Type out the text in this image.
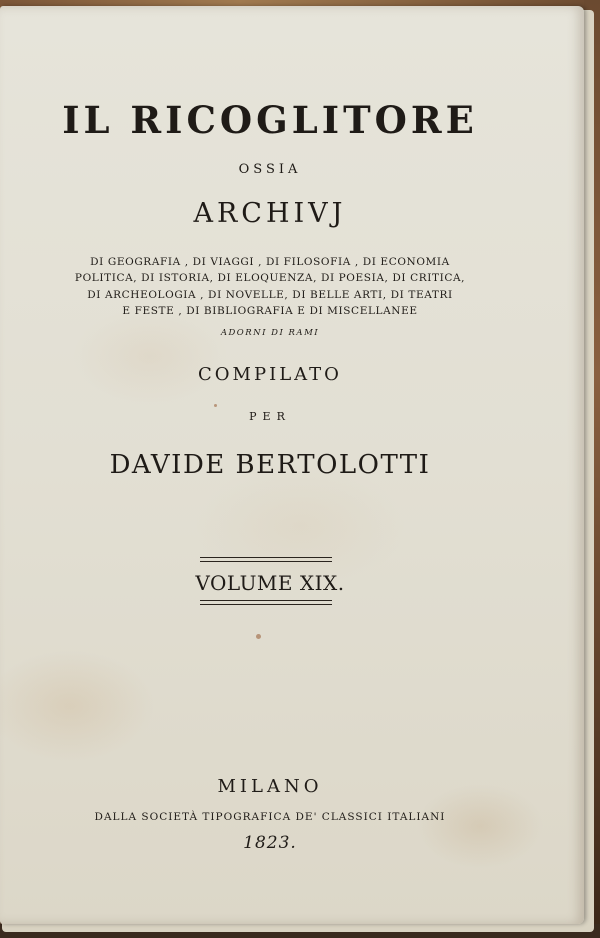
IL RICOGLITORE
OSSIA
ARCHIVJ
DI GEOGRAFIA , DI VIAGGI , DI FILOSOFIA , DI ECONOMIA
POLITICA, DI ISTORIA, DI ELOQUENZA, DI POESIA, DI CRITICA,
DI ARCHEOLOGIA , DI NOVELLE, DI BELLE ARTI, DI TEATRI
E FESTE , DI BIBLIOGRAFIA E DI MISCELLANEE
ADORNI DI RAMI
COMPILATO
PER
DAVIDE BERTOLOTTI
VOLUME XIX.
MILANO
DALLA SOCIETÀ TIPOGRAFICA DE' CLASSICI ITALIANI
1823.
